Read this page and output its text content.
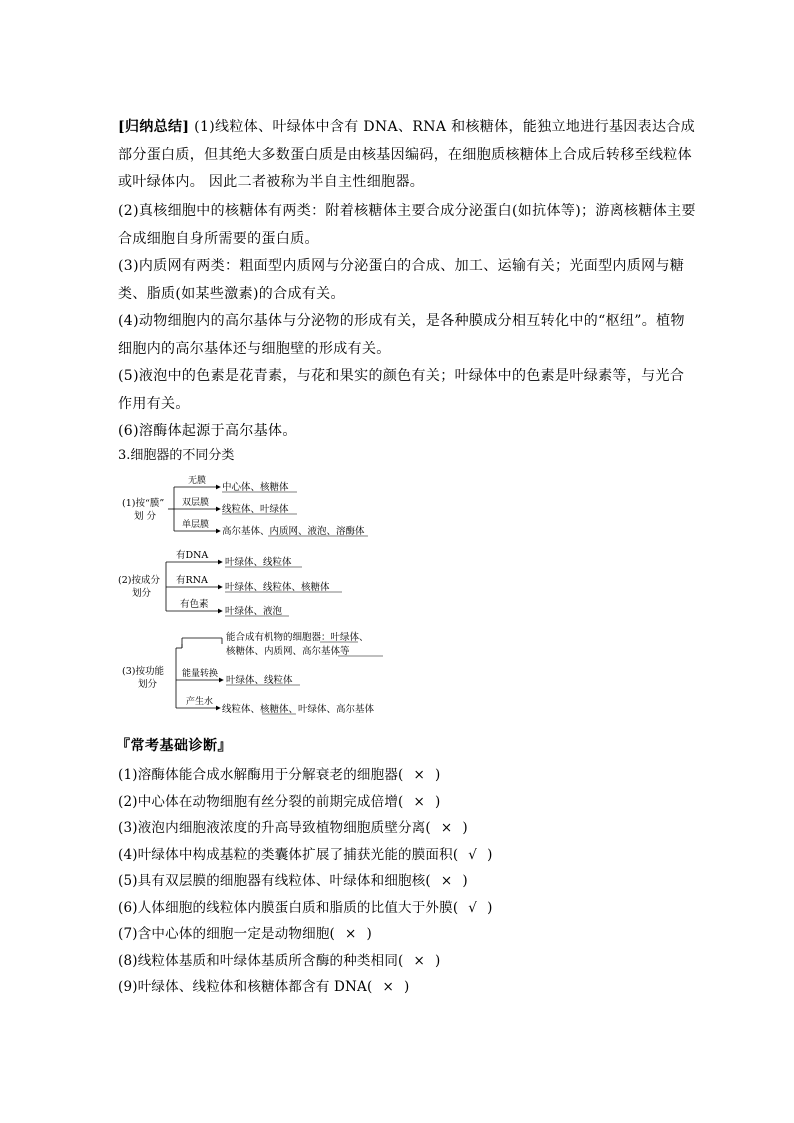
[归纳总结] (1)线粒体、叶绿体中含有 DNA、RNA 和核糖体，能独立地进行基因表达合成
部分蛋白质，但其绝大多数蛋白质是由核基因编码，在细胞质核糖体上合成后转移至线粒体
或叶绿体内。 因此二者被称为半自主性细胞器。

(2)真核细胞中的核糖体有两类：附着核糖体主要合成分泌蛋白(如抗体等)；游离核糖体主要
合成细胞自身所需要的蛋白质。

(3)内质网有两类：粗面型内质网与分泌蛋白的合成、加工、运输有关；光面型内质网与糖
类、脂质(如某些激素)的合成有关。

(4)动物细胞内的高尔基体与分泌物的形成有关，是各种膜成分相互转化中的“枢纽”。植物
细胞内的高尔基体还与细胞壁的形成有关。

(5)液泡中的色素是花青素，与花和果实的颜色有关；叶绿体中的色素是叶绿素等，与光合
作用有关。

(6)溶酶体起源于高尔基体。

3.细胞器的不同分类
(1)按“膜”
划 分
无膜
中心体、核糖体
双层膜
线粒体、叶绿体
单层膜
高尔基体、内质网、液泡、溶酶体
(2)按成分
划分
有DNA
叶绿体、线粒体
有RNA
叶绿体、线粒体、核糖体
有色素
叶绿体、液泡
(3)按功能
划分
能合成有机物的细胞器：叶绿体、
核糖体、内质网、高尔基体等
能量转换
叶绿体、线粒体
产生水
线粒体、核糖体、叶绿体、高尔基体
『常考基础诊断』
(1)溶酶体能合成水解酶用于分解衰老的细胞器( × )
(2)中心体在动物细胞有丝分裂的前期完成倍增( × )
(3)液泡内细胞液浓度的升高导致植物细胞质壁分离( × )
(4)叶绿体中构成基粒的类囊体扩展了捕获光能的膜面积( √ )
(5)具有双层膜的细胞器有线粒体、叶绿体和细胞核( × )
(6)人体细胞的线粒体内膜蛋白质和脂质的比值大于外膜( √ )
(7)含中心体的细胞一定是动物细胞( × )
(8)线粒体基质和叶绿体基质所含酶的种类相同( × )
(9)叶绿体、线粒体和核糖体都含有 DNA( × )
